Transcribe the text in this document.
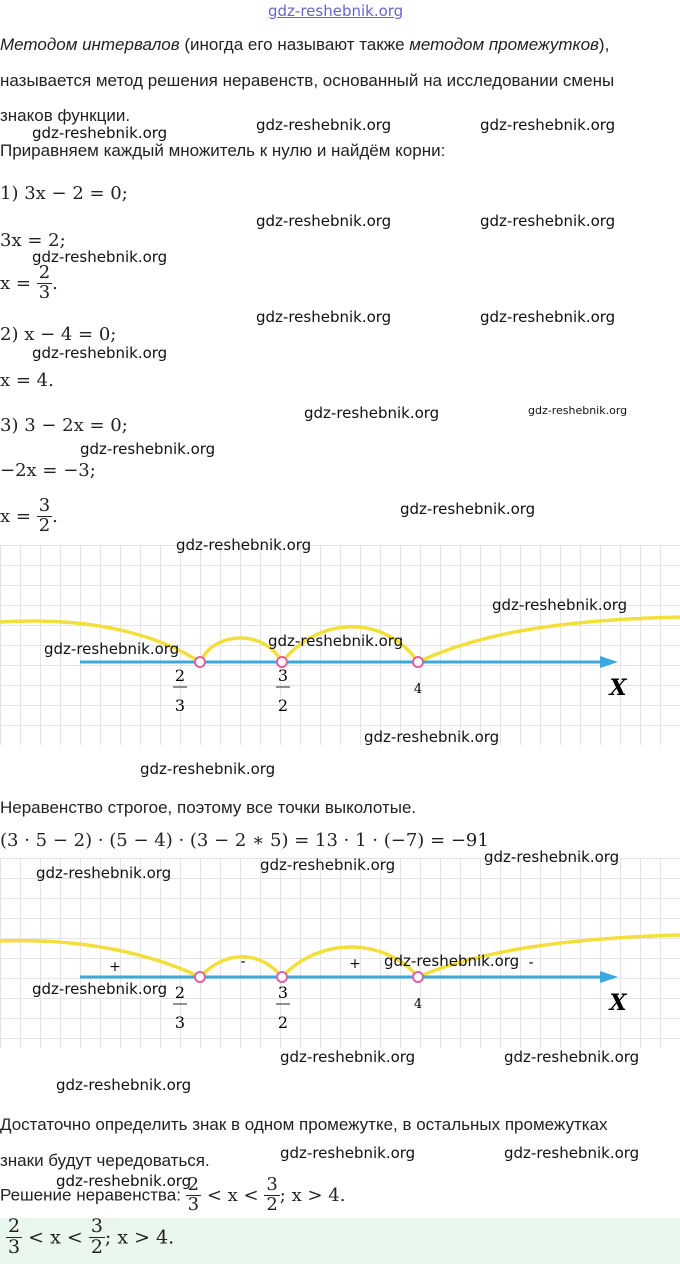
gdz-reshebnik.org
Методом интервалов (иногда его называют также методом промежутков),
называется метод решения неравенств, основанный на исследовании смены
знаков функции.
Приравняем каждый множитель к нулю и найдём корни:
1) 3x − 2 = 0;
3x = 2;
$x = \frac{2}{3}$ .
2) x − 4 = 0;
x = 4.
3) 3 − 2x = 0;
−2x = −3;
$x = \frac{3}{2}$ .
2
3
3
2
4	X
Неравенство строгое, поэтому все точки выколотые.
(3 · 5 − 2) · (5 − 4) · (3 − 2 ∗ 5) = 13 · 1 · (−7) = −91
+	-	+	-
2
3
3
2
4	X
Достаточно определить знак в одном промежутке, в остальных промежутках
знаки будут чередоваться.
Решение неравенства: $\frac{2}{3} < x < \frac{3}{2}$ ; x > 4.
$\frac{2}{3} < x < \frac{3}{2}$ ; x > 4.
gdz-reshebnik.org	gdz-reshebnik.org	gdz-reshebnik.org
gdz-reshebnik.org	gdz-reshebnik.org
gdz-reshebnik.org
gdz-reshebnik.org	gdz-reshebnik.org
gdz-reshebnik.org
gdz-reshebnik.org	gdz-reshebnik.org
gdz-reshebnik.org
gdz-reshebnik.org
gdz-reshebnik.org
gdz-reshebnik.org
gdz-reshebnik.org
gdz-reshebnik.org
gdz-reshebnik.org
gdz-reshebnik.org
gdz-reshebnik.org
gdz-reshebnik.org
gdz-reshebnik.org
gdz-reshebnik.org
gdz-reshebnik.org
gdz-reshebnik.org	gdz-reshebnik.org
gdz-reshebnik.org
gdz-reshebnik.org	gdz-reshebnik.org
gdz-reshebnik.org
